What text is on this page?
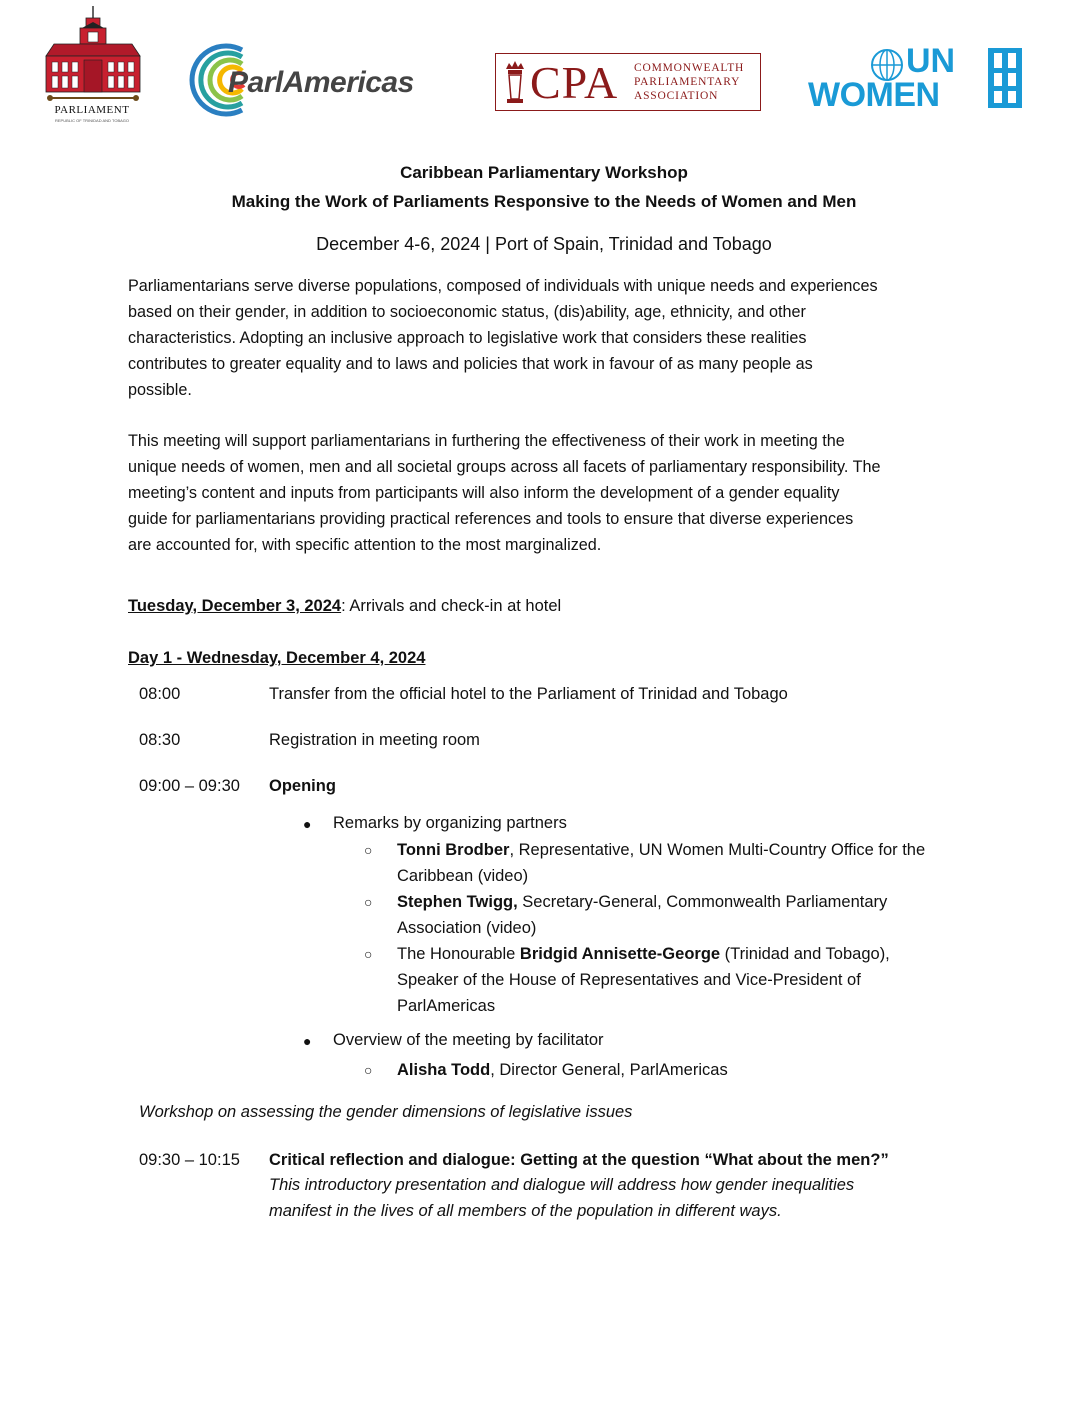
PARLIAMENT
REPUBLIC OF TRINIDAD AND TOBAGO
ParlAmericas	CPA COMMONWEALTH
PARLIAMENTARY
ASSOCIATION
UN
WOMEN
Caribbean Parliamentary Workshop
Making the Work of Parliaments Responsive to the Needs of Women and Men
December 4-6, 2024 | Port of Spain, Trinidad and Tobago
Parliamentarians serve diverse populations, composed of individuals with unique needs and experiences
based on their gender, in addition to socioeconomic status, (dis)ability, age, ethnicity, and other
characteristics. Adopting an inclusive approach to legislative work that considers these realities
contributes to greater equality and to laws and policies that work in favour of as many people as
possible.
This meeting will support parliamentarians in furthering the effectiveness of their work in meeting the
unique needs of women, men and all societal groups across all facets of parliamentary responsibility. The
meeting’s content and inputs from participants will also inform the development of a gender equality
guide for parliamentarians providing practical references and tools to ensure that diverse experiences
are accounted for, with specific attention to the most marginalized.
Tuesday, December 3, 2024: Arrivals and check-in at hotel
Day 1 - Wednesday, December 4, 2024
08:00	Transfer from the official hotel to the Parliament of Trinidad and Tobago
08:30	Registration in meeting room
09:00 – 09:30 Opening
● Remarks by organizing partners
○ Tonni Brodber, Representative, UN Women Multi-Country Office for the
Caribbean (video)
○ Stephen Twigg, Secretary-General, Commonwealth Parliamentary
Association (video)
○ The Honourable Bridgid Annisette-George (Trinidad and Tobago),
Speaker of the House of Representatives and Vice-President of
ParlAmericas
● Overview of the meeting by facilitator
○ Alisha Todd, Director General, ParlAmericas
Workshop on assessing the gender dimensions of legislative issues
09:30 – 10:15 Critical reflection and dialogue: Getting at the question “What about the men?”
This introductory presentation and dialogue will address how gender inequalities
manifest in the lives of all members of the population in different ways.
